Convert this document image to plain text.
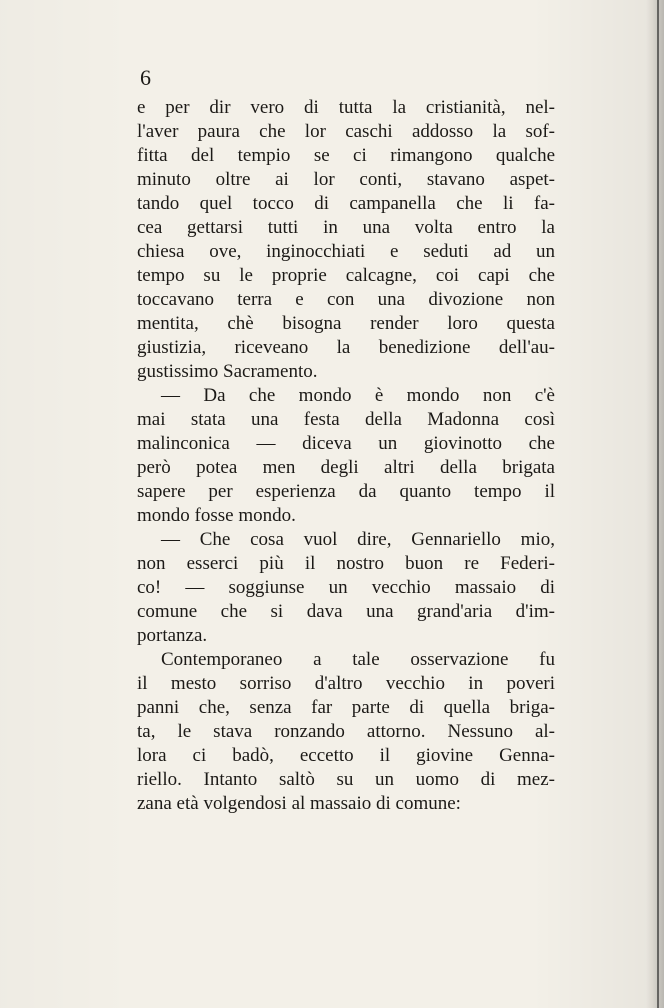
6
e per dir vero di tutta la cristianità, nel-
l'aver paura che lor caschi addosso la sof-
fitta del tempio se ci rimangono qualche
minuto oltre ai lor conti, stavano aspet-
tando quel tocco di campanella che li fa-
cea gettarsi tutti in una volta entro la
chiesa ove, inginocchiati e seduti ad un
tempo su le proprie calcagne, coi capi che
toccavano terra e con una divozione non
mentita, chè bisogna render loro questa
giustizia, riceveano la benedizione dell'au-
gustissimo Sacramento.
— Da che mondo è mondo non c'è
mai stata una festa della Madonna così
malinconica — diceva un giovinotto che
però potea men degli altri della brigata
sapere per esperienza da quanto tempo il
mondo fosse mondo.
— Che cosa vuol dire, Gennariello mio,
non esserci più il nostro buon re Federi-
co! — soggiunse un vecchio massaio di
comune che si dava una grand'aria d'im-
portanza.
Contemporaneo a tale osservazione fu
il mesto sorriso d'altro vecchio in poveri
panni che, senza far parte di quella briga-
ta, le stava ronzando attorno. Nessuno al-
lora ci badò, eccetto il giovine Genna-
riello. Intanto saltò su un uomo di mez-
zana età volgendosi al massaio di comune:
